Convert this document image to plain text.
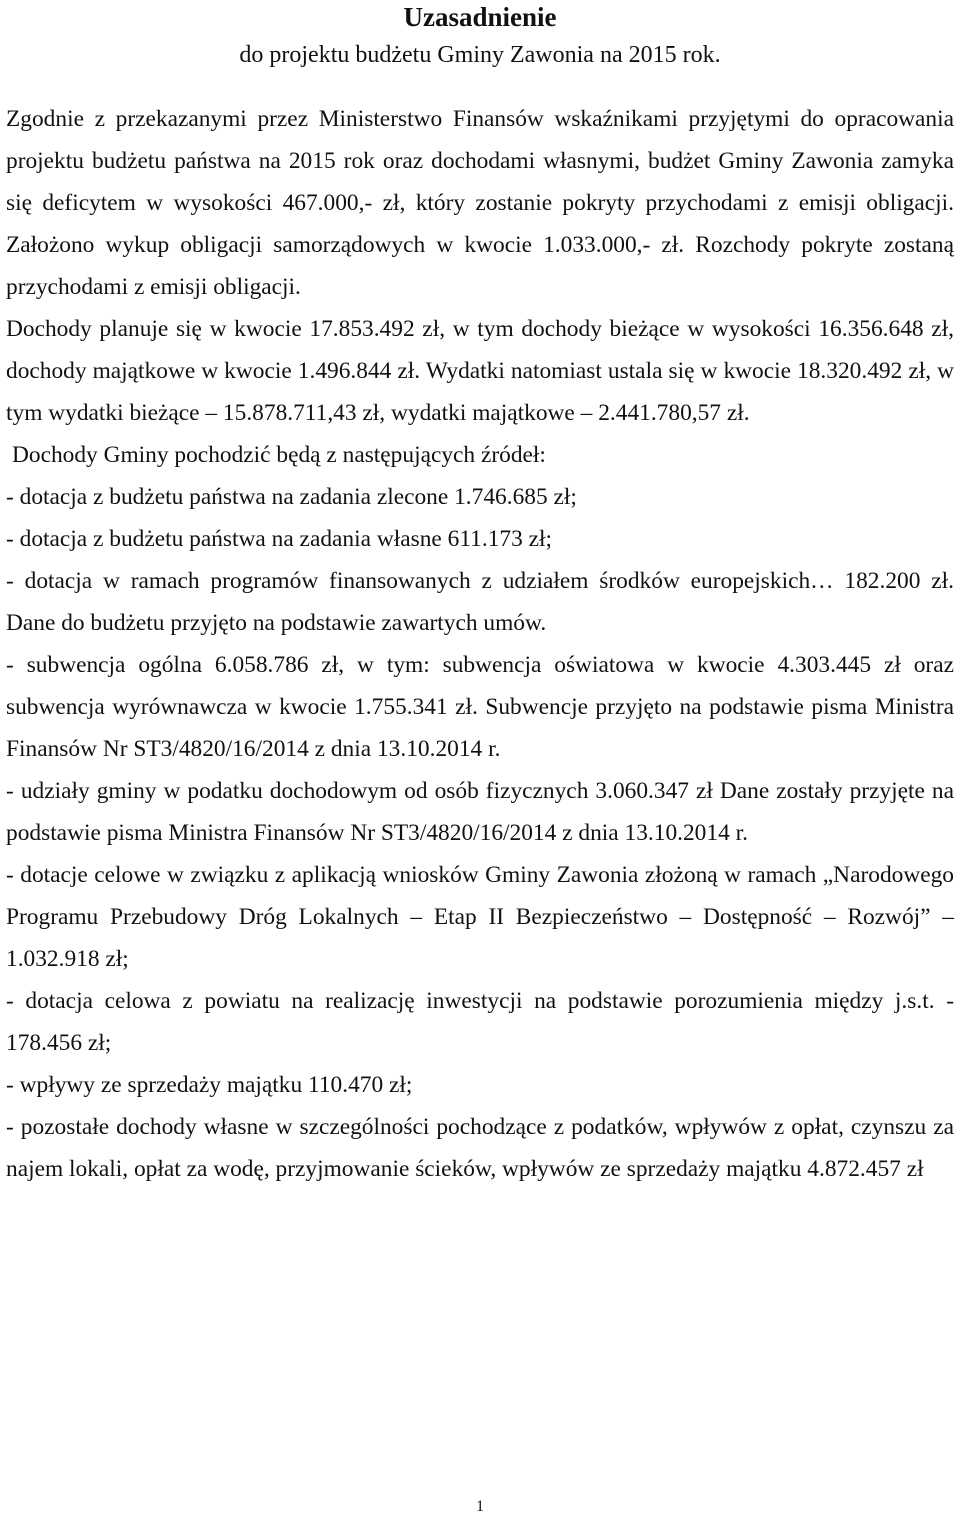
Uzasadnienie

do projektu budżetu Gminy Zawonia na 2015 rok.

Zgodnie z przekazanymi przez Ministerstwo Finansów wskaźnikami przyjętymi do opracowania projektu budżetu państwa na 2015 rok oraz dochodami własnymi, budżet Gminy Zawonia zamyka się deficytem w wysokości 467.000,- zł, który zostanie pokryty przychodami z emisji obligacji. Założono wykup obligacji samorządowych w kwocie 1.033.000,- zł. Rozchody pokryte zostaną przychodami z emisji obligacji.

Dochody planuje się w kwocie 17.853.492 zł, w tym dochody bieżące w wysokości 16.356.648 zł, dochody majątkowe w kwocie 1.496.844 zł. Wydatki natomiast ustala się w kwocie 18.320.492 zł, w tym wydatki bieżące – 15.878.711,43 zł, wydatki majątkowe – 2.441.780,57 zł.

Dochody Gminy pochodzić będą z następujących źródeł:

- dotacja z budżetu państwa na zadania zlecone 1.746.685 zł;

- dotacja z budżetu państwa na zadania własne 611.173 zł;

- dotacja w ramach programów finansowanych z udziałem środków europejskich… 182.200 zł. Dane do budżetu przyjęto na podstawie zawartych umów.

- subwencja ogólna 6.058.786 zł, w tym: subwencja oświatowa w kwocie 4.303.445 zł oraz subwencja wyrównawcza w kwocie 1.755.341 zł. Subwencje przyjęto na podstawie pisma Ministra Finansów Nr ST3/4820/16/2014 z dnia 13.10.2014 r.

- udziały gminy w podatku dochodowym od osób fizycznych 3.060.347 zł Dane zostały przyjęte na podstawie pisma Ministra Finansów Nr ST3/4820/16/2014 z dnia 13.10.2014 r.

- dotacje celowe w związku z aplikacją wniosków Gminy Zawonia złożoną w ramach „Narodowego Programu Przebudowy Dróg Lokalnych – Etap II Bezpieczeństwo – Dostępność – Rozwój” – 1.032.918 zł;

- dotacja celowa z powiatu na realizację inwestycji na podstawie porozumienia między j.s.t. - 178.456 zł;

- wpływy ze sprzedaży majątku 110.470 zł;

- pozostałe dochody własne w szczególności pochodzące z podatków, wpływów z opłat, czynszu za najem lokali, opłat za wodę, przyjmowanie ścieków, wpływów ze sprzedaży majątku 4.872.457 zł

1
